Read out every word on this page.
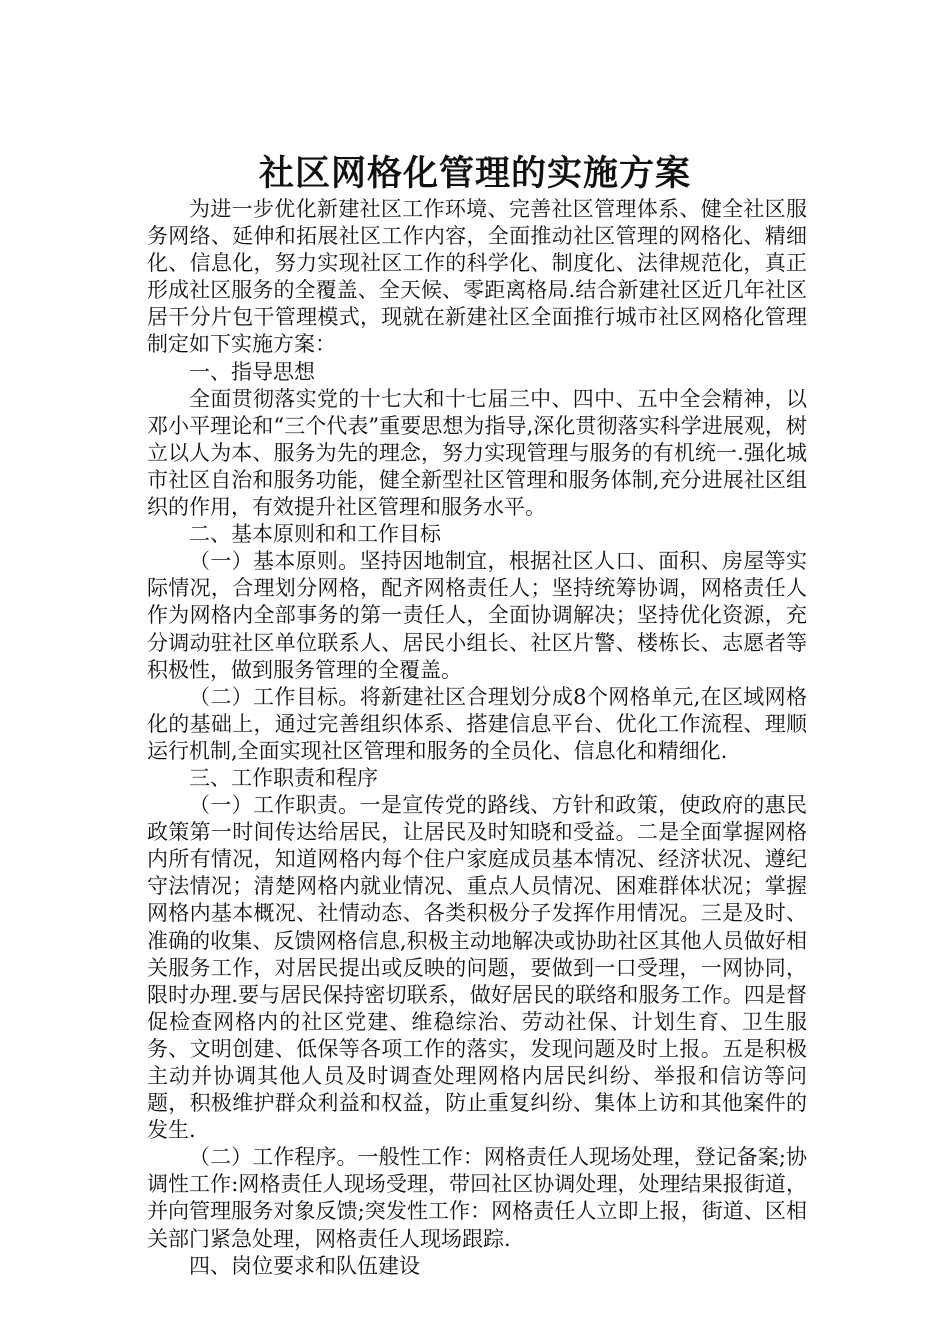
社区网格化管理的实施方案

为进一步优化新建社区工作环境、完善社区管理体系、健全社区服务网络、延伸和拓展社区工作内容，全面推动社区管理的网格化、精细化、信息化，努力实现社区工作的科学化、制度化、法律规范化，真正形成社区服务的全覆盖、全天候、零距离格局.结合新建社区近几年社区居干分片包干管理模式，现就在新建社区全面推行城市社区网格化管理制定如下实施方案：

一、指导思想

全面贯彻落实党的十七大和十七届三中、四中、五中全会精神，以邓小平理论和“三个代表”重要思想为指导,深化贯彻落实科学进展观，树立以人为本、服务为先的理念，努力实现管理与服务的有机统一.强化城市社区自治和服务功能，健全新型社区管理和服务体制,充分进展社区组织的作用，有效提升社区管理和服务水平。

二、基本原则和和工作目标

（一）基本原则。坚持因地制宜，根据社区人口、面积、房屋等实际情况，合理划分网格，配齐网格责任人；坚持统筹协调，网格责任人作为网格内全部事务的第一责任人，全面协调解决；坚持优化资源，充分调动驻社区单位联系人、居民小组长、社区片警、楼栋长、志愿者等积极性，做到服务管理的全覆盖。

（二）工作目标。将新建社区合理划分成8个网格单元,在区域网格化的基础上，通过完善组织体系、搭建信息平台、优化工作流程、理顺运行机制,全面实现社区管理和服务的全员化、信息化和精细化.

三、工作职责和程序

（一）工作职责。一是宣传党的路线、方针和政策，使政府的惠民政策第一时间传达给居民，让居民及时知晓和受益。二是全面掌握网格内所有情况，知道网格内每个住户家庭成员基本情况、经济状况、遵纪守法情况；清楚网格内就业情况、重点人员情况、困难群体状况；掌握网格内基本概况、社情动态、各类积极分子发挥作用情况。三是及时、准确的收集、反馈网格信息,积极主动地解决或协助社区其他人员做好相关服务工作，对居民提出或反映的问题，要做到一口受理，一网协同，限时办理.要与居民保持密切联系，做好居民的联络和服务工作。四是督促检查网格内的社区党建、维稳综治、劳动社保、计划生育、卫生服务、文明创建、低保等各项工作的落实，发现问题及时上报。五是积极主动并协调其他人员及时调查处理网格内居民纠纷、举报和信访等问题，积极维护群众利益和权益，防止重复纠纷、集体上访和其他案件的发生.

（二）工作程序。一般性工作：网格责任人现场处理，登记备案;协调性工作:网格责任人现场受理，带回社区协调处理，处理结果报街道，并向管理服务对象反馈;突发性工作：网格责任人立即上报，街道、区相关部门紧急处理，网格责任人现场跟踪.

四、岗位要求和队伍建设
